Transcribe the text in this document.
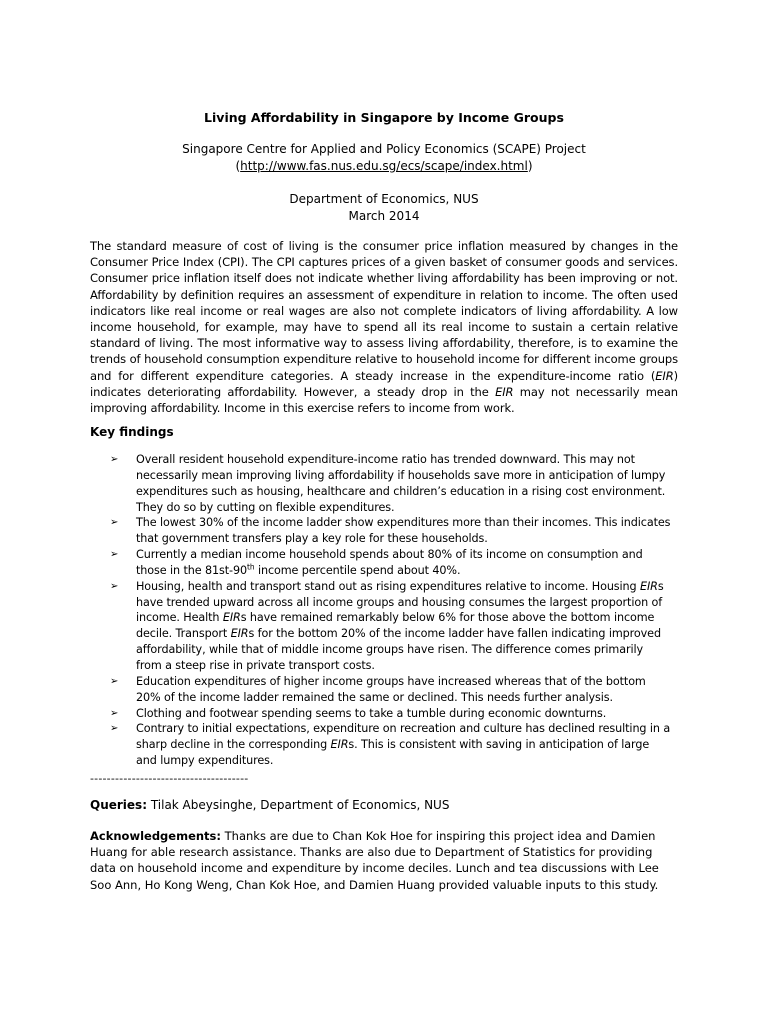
Living Affordability in Singapore by Income Groups
Singapore Centre for Applied and Policy Economics (SCAPE) Project
(http://www.fas.nus.edu.sg/ecs/scape/index.html)
Department of Economics, NUS
March 2014
The standard measure of cost of living is the consumer price inflation measured by changes in the Consumer Price Index (CPI). The CPI captures prices of a given basket of consumer goods and services. Consumer price inflation itself does not indicate whether living affordability has been improving or not. Affordability by definition requires an assessment of expenditure in relation to income. The often used indicators like real income or real wages are also not complete indicators of living affordability. A low income household, for example, may have to spend all its real income to sustain a certain relative standard of living. The most informative way to assess living affordability, therefore, is to examine the trends of household consumption expenditure relative to household income for different income groups and for different expenditure categories. A steady increase in the expenditure-income ratio (EIR) indicates deteriorating affordability. However, a steady drop in the EIR may not necessarily mean improving affordability. Income in this exercise refers to income from work.
Key findings
➢ Overall resident household expenditure-income ratio has trended downward. This may not necessarily mean improving living affordability if households save more in anticipation of lumpy expenditures such as housing, healthcare and children’s education in a rising cost environment. They do so by cutting on flexible expenditures.
➢ The lowest 30% of the income ladder show expenditures more than their incomes. This indicates that government transfers play a key role for these households.
➢ Currently a median income household spends about 80% of its income on consumption and those in the 81st-90th income percentile spend about 40%.
➢ Housing, health and transport stand out as rising expenditures relative to income. Housing EIRs have trended upward across all income groups and housing consumes the largest proportion of income. Health EIRs have remained remarkably below 6% for those above the bottom income decile. Transport EIRs for the bottom 20% of the income ladder have fallen indicating improved affordability, while that of middle income groups have risen. The difference comes primarily from a steep rise in private transport costs.
➢ Education expenditures of higher income groups have increased whereas that of the bottom 20% of the income ladder remained the same or declined. This needs further analysis.
➢ Clothing and footwear spending seems to take a tumble during economic downturns.
➢ Contrary to initial expectations, expenditure on recreation and culture has declined resulting in a sharp decline in the corresponding EIRs. This is consistent with saving in anticipation of large and lumpy expenditures.
--------------------------------------
Queries: Tilak Abeysinghe, Department of Economics, NUS
Acknowledgements: Thanks are due to Chan Kok Hoe for inspiring this project idea and Damien Huang for able research assistance. Thanks are also due to Department of Statistics for providing data on household income and expenditure by income deciles. Lunch and tea discussions with Lee Soo Ann, Ho Kong Weng, Chan Kok Hoe, and Damien Huang provided valuable inputs to this study.
